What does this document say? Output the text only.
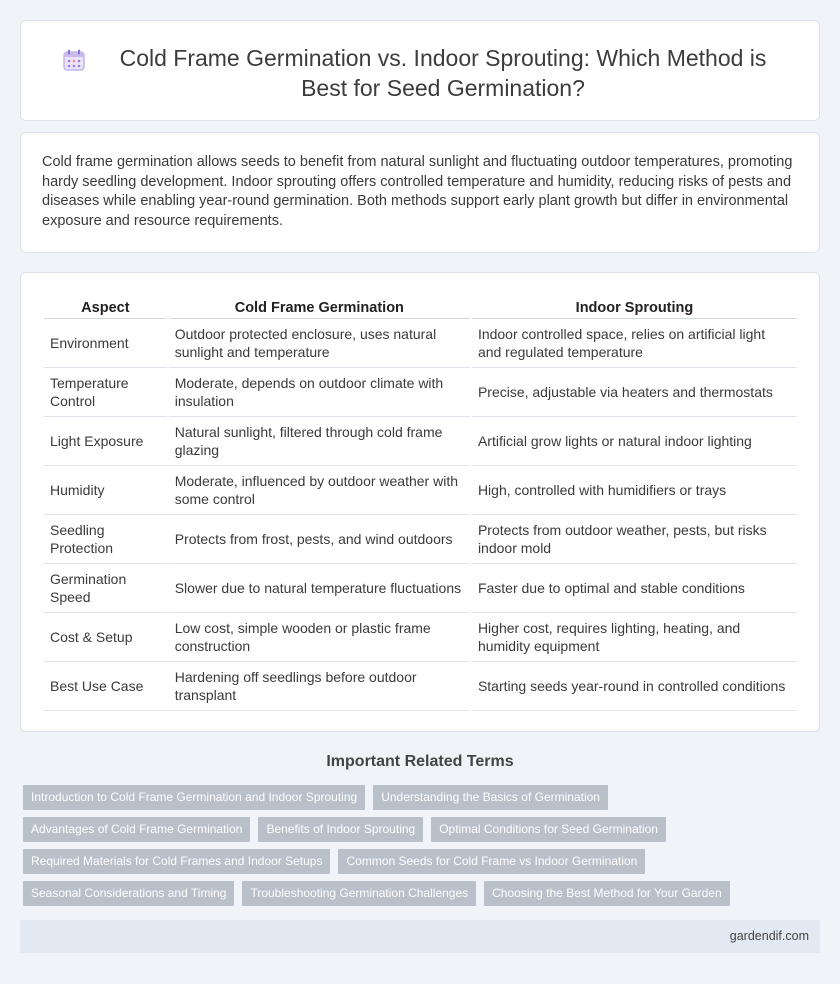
Cold Frame Germination vs. Indoor Sprouting: Which Method is Best for Seed Germination?

Cold frame germination allows seeds to benefit from natural sunlight and fluctuating outdoor temperatures, promoting hardy seedling development. Indoor sprouting offers controlled temperature and humidity, reducing risks of pests and diseases while enabling year-round germination. Both methods support early plant growth but differ in environmental exposure and resource requirements.

Aspect	Cold Frame Germination	Indoor Sprouting
Environment	Outdoor protected enclosure, uses natural sunlight and temperature	Indoor controlled space, relies on artificial light and regulated temperature
Temperature Control	Moderate, depends on outdoor climate with insulation	Precise, adjustable via heaters and thermostats
Light Exposure	Natural sunlight, filtered through cold frame glazing	Artificial grow lights or natural indoor lighting
Humidity	Moderate, influenced by outdoor weather with some control	High, controlled with humidifiers or trays
Seedling Protection	Protects from frost, pests, and wind outdoors	Protects from outdoor weather, pests, but risks indoor mold
Germination Speed	Slower due to natural temperature fluctuations	Faster due to optimal and stable conditions
Cost & Setup	Low cost, simple wooden or plastic frame construction	Higher cost, requires lighting, heating, and humidity equipment
Best Use Case	Hardening off seedlings before outdoor transplant	Starting seeds year-round in controlled conditions
Important Related Terms
Introduction to Cold Frame Germination and Indoor Sprouting	Understanding the Basics of Germination
Advantages of Cold Frame Germination	Benefits of Indoor Sprouting	Optimal Conditions for Seed Germination
Required Materials for Cold Frames and Indoor Setups	Common Seeds for Cold Frame vs Indoor Germination
Seasonal Considerations and Timing	Troubleshooting Germination Challenges	Choosing the Best Method for Your Garden
gardendif.com
